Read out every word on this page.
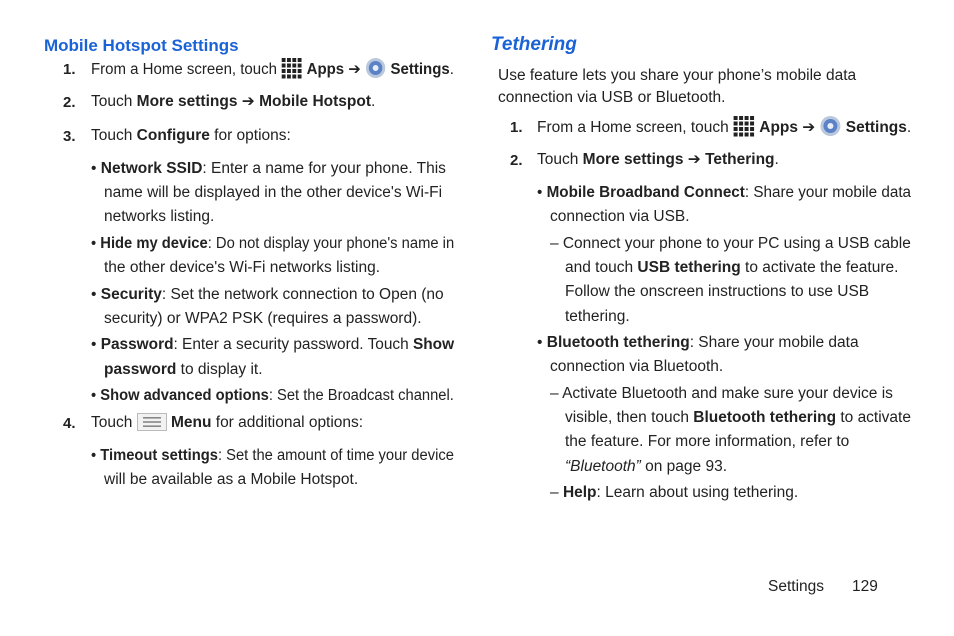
Mobile Hotspot Settings
1. From a Home screen, touch  Apps ➔ Settings.
2. Touch More settings ➔ Mobile Hotspot.
3. Touch Configure for options:
• Network SSID: Enter a name for your phone. This
name will be displayed in the other device's Wi-Fi
networks listing.
• Hide my device: Do not display your phone's name in
the other device's Wi-Fi networks listing.
• Security: Set the network connection to Open (no
security) or WPA2 PSK (requires a password).
• Password: Enter a security password. Touch Show
password to display it.
• Show advanced options: Set the Broadcast channel.
4. Touch  Menu for additional options:
• Timeout settings: Set the amount of time your device
will be available as a Mobile Hotspot.
Tethering
Use feature lets you share your phone’s mobile data
connection via USB or Bluetooth.
1. From a Home screen, touch  Apps ➔ Settings.
2. Touch More settings ➔ Tethering.
• Mobile Broadband Connect: Share your mobile data
connection via USB.
– Connect your phone to your PC using a USB cable
and touch USB tethering to activate the feature.
Follow the onscreen instructions to use USB
tethering.
• Bluetooth tethering: Share your mobile data
connection via Bluetooth.
– Activate Bluetooth and make sure your device is
visible, then touch Bluetooth tethering to activate
the feature. For more information, refer to
“Bluetooth” on page 93.
– Help: Learn about using tethering.
Settings 129
